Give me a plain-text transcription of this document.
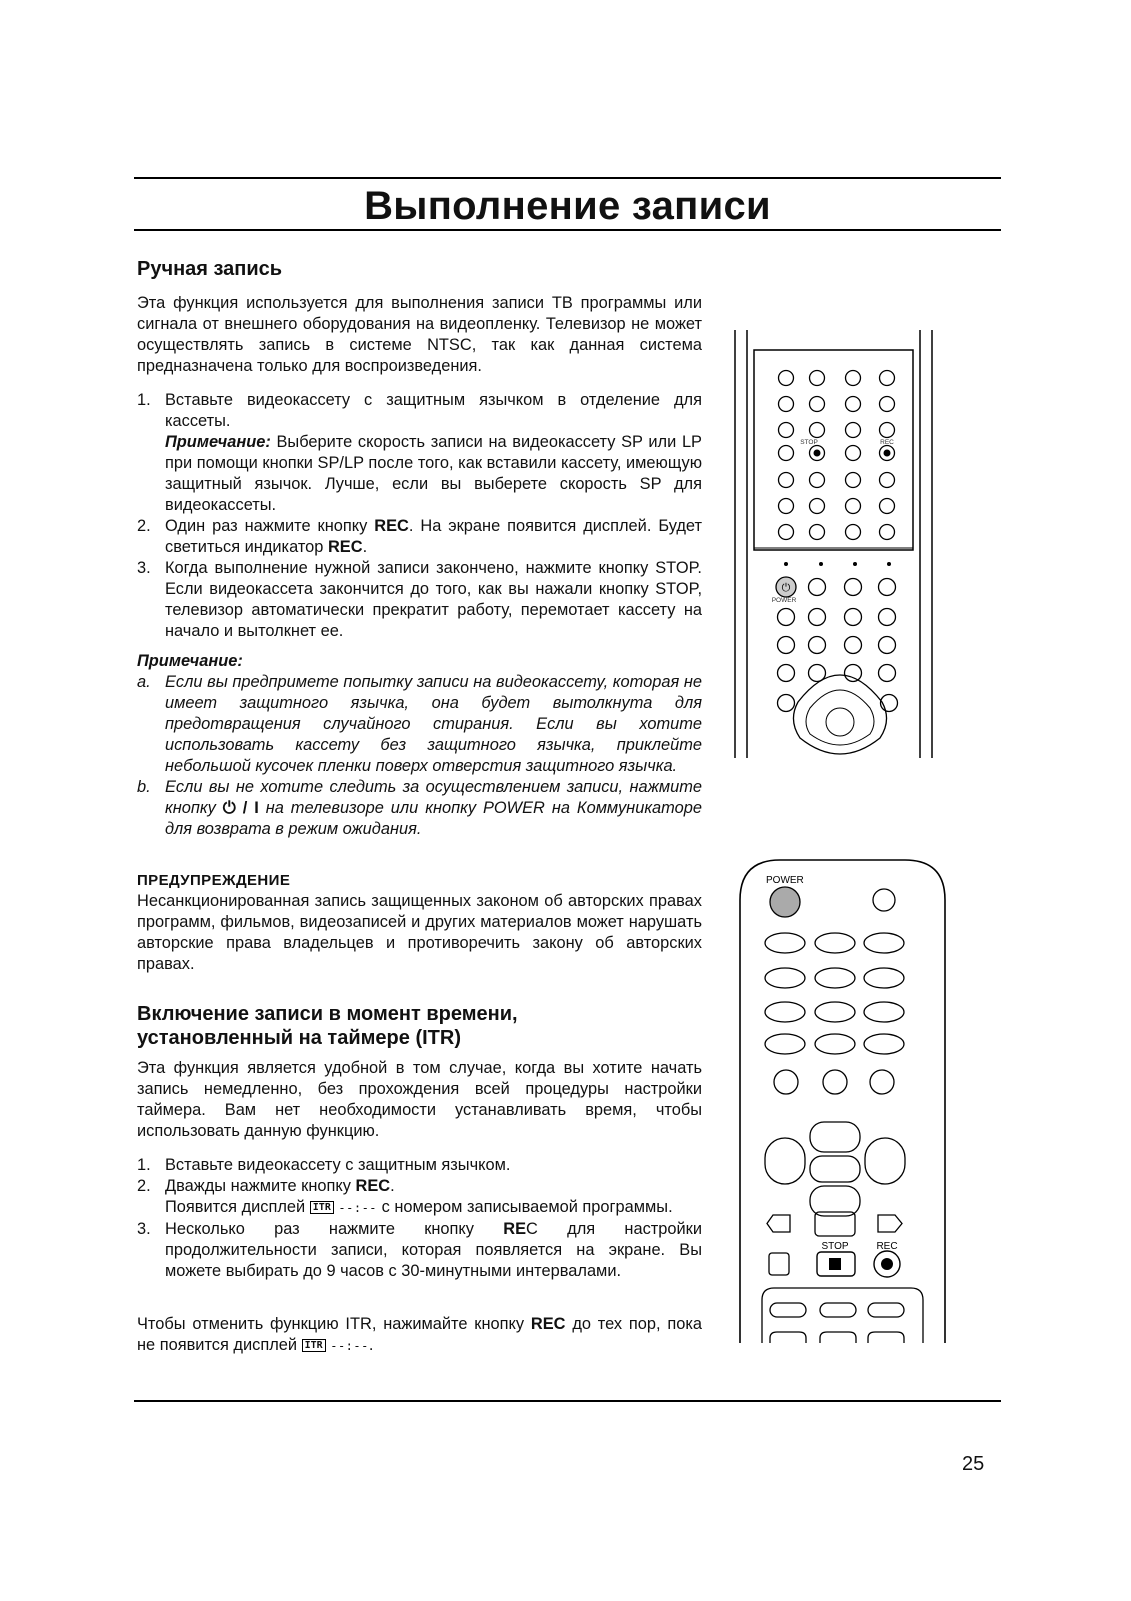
Выполнение записи
Ручная запись

Эта функция используется для выполнения записи ТВ программы или сигнала от внешнего оборудования на видеопленку. Телевизор не может осуществлять запись в системе NTSC, так как данная система предназначена только для воспроизведения.

1. Вставьте видеокассету с защитным язычком в отделение для кассеты.
Примечание: Выберите скорость записи на видеокассету SP или LP при помощи кнопки SP/LP после того, как вставили кассету, имеющую защитный язычок. Лучше, если вы выберете скорость SP для видеокассеты.
2. Один раз нажмите кнопку REC. На экране появится дисплей. Будет светиться индикатор REC.
3. Когда выполнение нужной записи закончено, нажмите кнопку STOP. Если видеокассета закончится до того, как вы нажали кнопку STOP, телевизор автоматически прекратит работу, перемотает кассету на начало и вытолкнет ее.
Примечание:
a. Если вы предпримете попытку записи на видеокассету, которая не имеет защитного язычка, она будет вытолкнута для предотвращения случайного стирания. Если вы хотите использовать кассету без защитного язычка, приклейте небольшой кусочек пленки поверх отверстия защитного язычка.
b. Если вы не хотите следить за осуществлением записи, нажмите кнопку ⏻ / I на телевизоре или кнопку POWER на Коммуникаторе для возврата в режим ожидания.
ПРЕДУПРЕЖДЕНИЕ

Несанкционированная запись защищенных законом об авторских правах программ, фильмов, видеозаписей и других материалов может нарушать авторские права владельцев и противоречить закону об авторских правах.

Включение записи в момент времени,
установленный на таймере (ITR)

Эта функция является удобной в том случае, когда вы хотите начать запись немедленно, без прохождения всей процедуры настройки таймера. Вам нет необходимости устанавливать время, чтобы использовать данную функцию.

1. Вставьте видеокассету с защитным язычком.
2. Дважды нажмите кнопку REC.
Появится дисплей ITR --:-- с номером записываемой программы.
3. Несколько раз нажмите кнопку REC для настройки продолжительности записи, которая появляется на экране. Вы можете выбирать до 9 часов с 30-минутными интервалами.
Чтобы отменить функцию ITR, нажимайте кнопку REC до тех пор, пока не появится дисплей ITR --:--.
25
STOP	REC
⏻
POWER
POWER
STOP	REC
